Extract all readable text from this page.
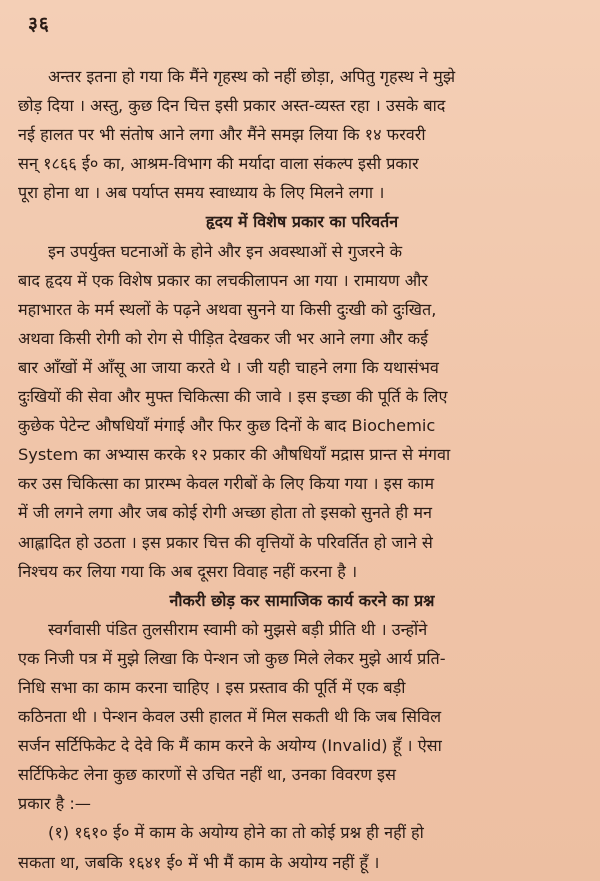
३६

अन्तर इतना हो गया कि मैंने गृहस्थ को नहीं छोड़ा, अपितु गृहस्थ ने मुझे
छोड़ दिया । अस्तु, कुछ दिन चित्त इसी प्रकार अस्त-व्यस्त रहा । उसके बाद
नई हालत पर भी संतोष आने लगा और मैंने समझ लिया कि १४ फरवरी
सन् १८६६ ई० का, आश्रम-विभाग की मर्यादा वाला संकल्प इसी प्रकार
पूरा होना था । अब पर्याप्त समय स्वाध्याय के लिए मिलने लगा ।

हृदय में विशेष प्रकार का परिवर्तन

इन उपर्युक्त घटनाओं के होने और इन अवस्थाओं से गुजरने के
बाद हृदय में एक विशेष प्रकार का लचकीलापन आ गया । रामायण और
महाभारत के मर्म स्थलों के पढ़ने अथवा सुनने या किसी दुःखी को दुःखित,
अथवा किसी रोगी को रोग से पीड़ित देखकर जी भर आने लगा और कई
बार आँखों में आँसू आ जाया करते थे । जी यही चाहने लगा कि यथासंभव
दुःखियों की सेवा और मुफ्त चिकित्सा की जावे । इस इच्छा की पूर्ति के लिए
कुछेक पेटेन्ट औषधियाँ मंगाई और फिर कुछ दिनों के बाद Biochemic
System का अभ्यास करके १२ प्रकार की औषधियाँ मद्रास प्रान्त से मंगवा
कर उस चिकित्सा का प्रारम्भ केवल गरीबों के लिए किया गया । इस काम
में जी लगने लगा और जब कोई रोगी अच्छा होता तो इसको सुनते ही मन
आह्लादित हो उठता । इस प्रकार चित्त की वृत्तियों के परिवर्तित हो जाने से
निश्चय कर लिया गया कि अब दूसरा विवाह नहीं करना है ।

नौकरी छोड़ कर सामाजिक कार्य करने का प्रश्न

स्वर्गवासी पंडित तुलसीराम स्वामी को मुझसे बड़ी प्रीति थी । उन्होंने
एक निजी पत्र में मुझे लिखा कि पेन्शन जो कुछ मिले लेकर मुझे आर्य प्रति-
निधि सभा का काम करना चाहिए । इस प्रस्ताव की पूर्ति में एक बड़ी
कठिनता थी । पेन्शन केवल उसी हालत में मिल सकती थी कि जब सिविल
सर्जन सर्टिफिकेट दे देवे कि मैं काम करने के अयोग्य (Invalid) हूँ । ऐसा
सर्टिफिकेट लेना कुछ कारणों से उचित नहीं था, उनका विवरण इस
प्रकार है :—

(१) १६१० ई० में काम के अयोग्य होने का तो कोई प्रश्न ही नहीं हो
सकता था, जबकि १६४१ ई० में भी मैं काम के अयोग्य नहीं हूँ ।
